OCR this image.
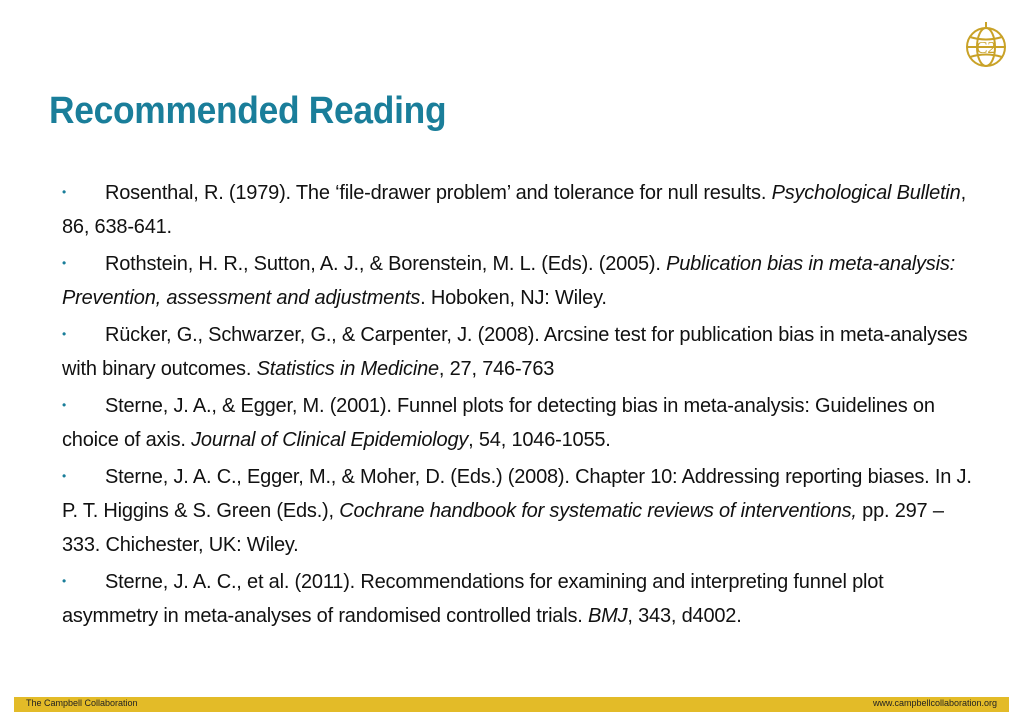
C2
Recommended Reading
• Rosenthal, R. (1979). The ‘file-drawer problem’ and tolerance for null results. Psychological Bulletin, 86, 638-641.
• Rothstein, H. R., Sutton, A. J., & Borenstein, M. L. (Eds). (2005). Publication bias in meta-analysis: Prevention, assessment and adjustments. Hoboken, NJ: Wiley.
• Rücker, G., Schwarzer, G., & Carpenter, J. (2008). Arcsine test for publication bias in meta-analyses with binary outcomes. Statistics in Medicine, 27, 746-763
• Sterne, J. A., & Egger, M. (2001). Funnel plots for detecting bias in meta-analysis: Guidelines on choice of axis. Journal of Clinical Epidemiology, 54, 1046-1055.
• Sterne, J. A. C., Egger, M., & Moher, D. (Eds.) (2008). Chapter 10: Addressing reporting biases. In J. P. T. Higgins & S. Green (Eds.), Cochrane handbook for systematic reviews of interventions, pp. 297 – 333. Chichester, UK: Wiley.
• Sterne, J. A. C., et al. (2011). Recommendations for examining and interpreting funnel plot asymmetry in meta-analyses of randomised controlled trials. BMJ, 343, d4002.
The Campbell Collaboration	www.campbellcollaboration.org
